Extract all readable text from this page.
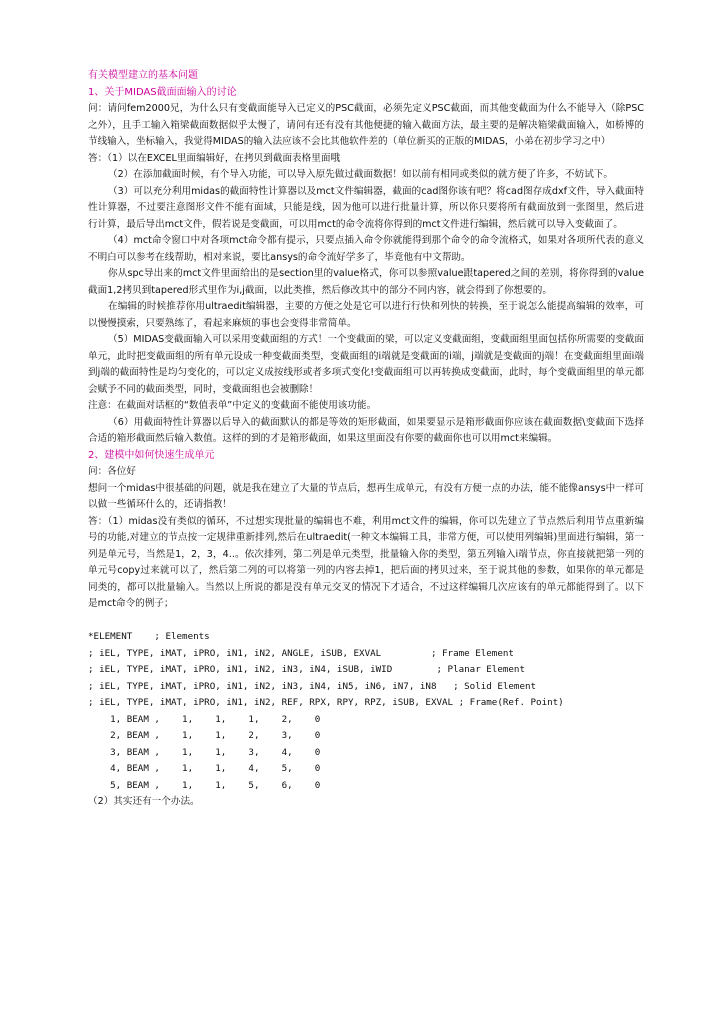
有关模型建立的基本问题
1、关于MIDAS截面面输入的讨论

问：请问fem2000兄，为什么只有变截面能导入已定义的PSC截面，必须先定义PSC截面，而其他变截面为什么不能导入（除PSC之外），且手工输入箱梁截面数据似乎太慢了，请问有还有没有其他便捷的输入截面方法，最主要的是解决箱梁截面输入，如桥博的节线输入，坐标输入，我觉得MIDAS的输入法应该不会比其他软件差的（单位新买的正版的MIDAS，小弟在初步学习之中）

答：（1）以在EXCEL里面编辑好，在拷贝到截面表格里面哦

（2）在添加截面时候，有个导入功能，可以导入原先做过截面数据！如以前有相同或类似的就方便了许多，不妨试下。

（3）可以充分利用midas的截面特性计算器以及mct文件编辑器，截面的cad图你该有吧？将cad图存成dxf文件，导入截面特性计算器，不过要注意图形文件不能有面域，只能是线，因为他可以进行批量计算，所以你只要将所有截面放到一张图里，然后进行计算，最后导出mct文件，假若说是变截面，可以用mct的命令流将你得到的mct文件进行编辑，然后就可以导入变截面了。

（4）mct命令窗口中对各项mct命令都有提示，只要点插入命令你就能得到那个命令的命令流格式，如果对各项所代表的意义不明白可以参考在线帮助，相对来说，要比ansys的命令流好学多了，毕竟他有中文帮助。

你从spc导出来的mct文件里面给出的是section里的value格式，你可以参照value跟tapered之间的差别，将你得到的value截面1,2拷贝到tapered形式里作为i,j截面，以此类推，然后修改其中的部分不同内容，就会得到了你想要的。

在编辑的时候推荐你用ultraedit编辑器，主要的方便之处是它可以进行行快和列快的转换，至于说怎么能提高编辑的效率，可以慢慢摸索，只要熟练了，看起来麻烦的事也会变得非常简单。

（5）MIDAS变截面输入可以采用变截面组的方式！一个变截面的梁，可以定义变截面组，变截面组里面包括你所需要的变截面单元，此时把变截面组的所有单元设成一种变截面类型，变截面组的i端就是变截面的i端，j端就是变截面的j端！在变截面组里面i端到j端的截面特性是均匀变化的，可以定义成按线形或者多项式变化!变截面组可以再转换成变截面，此时，每个变截面组里的单元都会赋予不同的截面类型，同时，变截面组也会被删除！

注意：在截面对话框的“数值表单”中定义的变截面不能使用该功能。

（6）用截面特性计算器以后导入的截面默认的都是等效的矩形截面，如果要显示是箱形截面你应该在截面数据\变截面下选择合适的箱形截面然后输入数值。这样的到的才是箱形截面，如果这里面没有你要的截面你也可以用mct来编辑。

2、建模中如何快速生成单元

问：各位好

想问一个midas中很基础的问题，就是我在建立了大量的节点后，想再生成单元，有没有方便一点的办法，能不能像ansys中一样可以做一些循环什么的，还请指教！

答：（1）midas没有类似的循环，不过想实现批量的编辑也不难，利用mct文件的编辑，你可以先建立了节点然后利用节点重新编号的功能,对建立的节点按一定规律重新排列,然后在ultraedit(一种文本编辑工具，非常方便，可以使用列编辑)里面进行编辑，第一列是单元号，当然是1，2，3，4..。依次排列，第二列是单元类型，批量输入你的类型，第五列输入i端节点，你直接就把第一列的单元号copy过来就可以了，然后第二列的可以将第一列的内容去掉1，把后面的拷贝过来，至于说其他的参数，如果你的单元都是同类的，都可以批量输入。当然以上所说的都是没有单元交叉的情况下才适合，不过这样编辑几次应该有的单元都能得到了。以下是mct命令的例子；

*ELEMENT    ; Elements
; iEL, TYPE, iMAT, iPRO, iN1, iN2, ANGLE, iSUB, EXVAL         ; Frame Element
; iEL, TYPE, iMAT, iPRO, iN1, iN2, iN3, iN4, iSUB, iWID        ; Planar Element
; iEL, TYPE, iMAT, iPRO, iN1, iN2, iN3, iN4, iN5, iN6, iN7, iN8   ; Solid Element
; iEL, TYPE, iMAT, iPRO, iN1, iN2, REF, RPX, RPY, RPZ, iSUB, EXVAL ; Frame(Ref. Point)
1, BEAM ,    1,    1,    1,    2,    0
2, BEAM ,    1,    1,    2,    3,    0
3, BEAM ,    1,    1,    3,    4,    0
4, BEAM ,    1,    1,    4,    5,    0
5, BEAM ,    1,    1,    5,    6,    0

（2）其实还有一个办法。
